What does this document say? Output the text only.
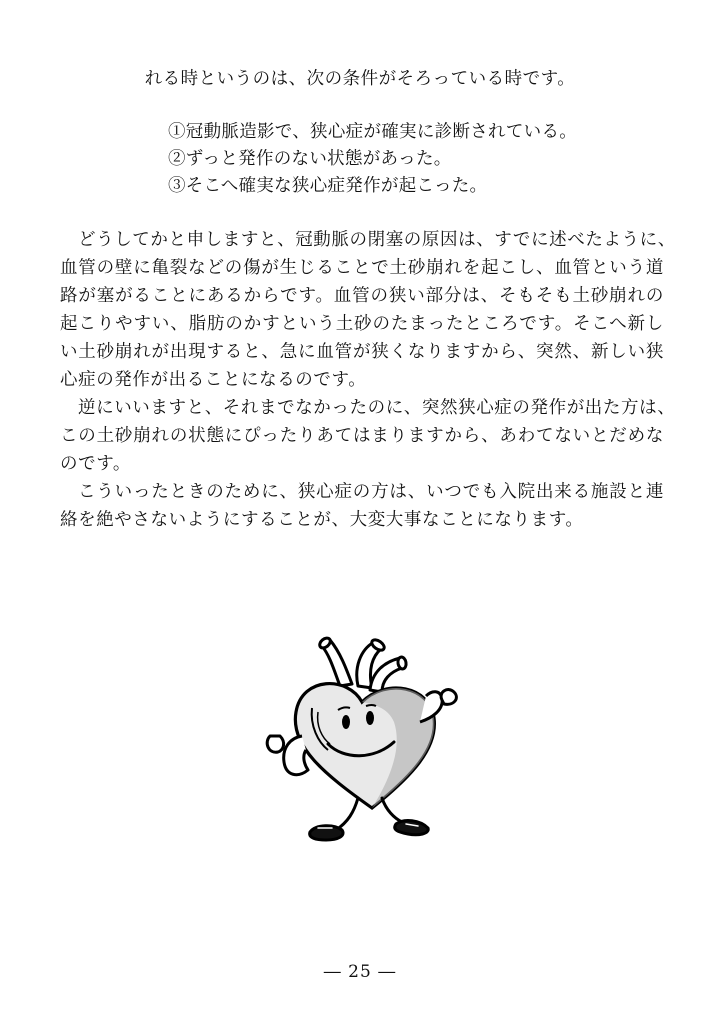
れる時というのは、次の条件がそろっている時です。
①冠動脈造影で、狭心症が確実に診断されている。
②ずっと発作のない状態があった。
③そこへ確実な狭心症発作が起こった。
どうしてかと申しますと、冠動脈の閉塞の原因は、すでに述べたように、
血管の壁に亀裂などの傷が生じることで土砂崩れを起こし、血管という道
路が塞がることにあるからです。血管の狭い部分は、そもそも土砂崩れの
起こりやすい、脂肪のかすという土砂のたまったところです。そこへ新し
い土砂崩れが出現すると、急に血管が狭くなりますから、突然、新しい狭
心症の発作が出ることになるのです。
逆にいいますと、それまでなかったのに、突然狭心症の発作が出た方は、
この土砂崩れの状態にぴったりあてはまりますから、あわてないとだめな
のです。
こういったときのために、狭心症の方は、いつでも入院出来る施設と連
絡を絶やさないようにすることが、大変大事なことになります。
― 25 ―
